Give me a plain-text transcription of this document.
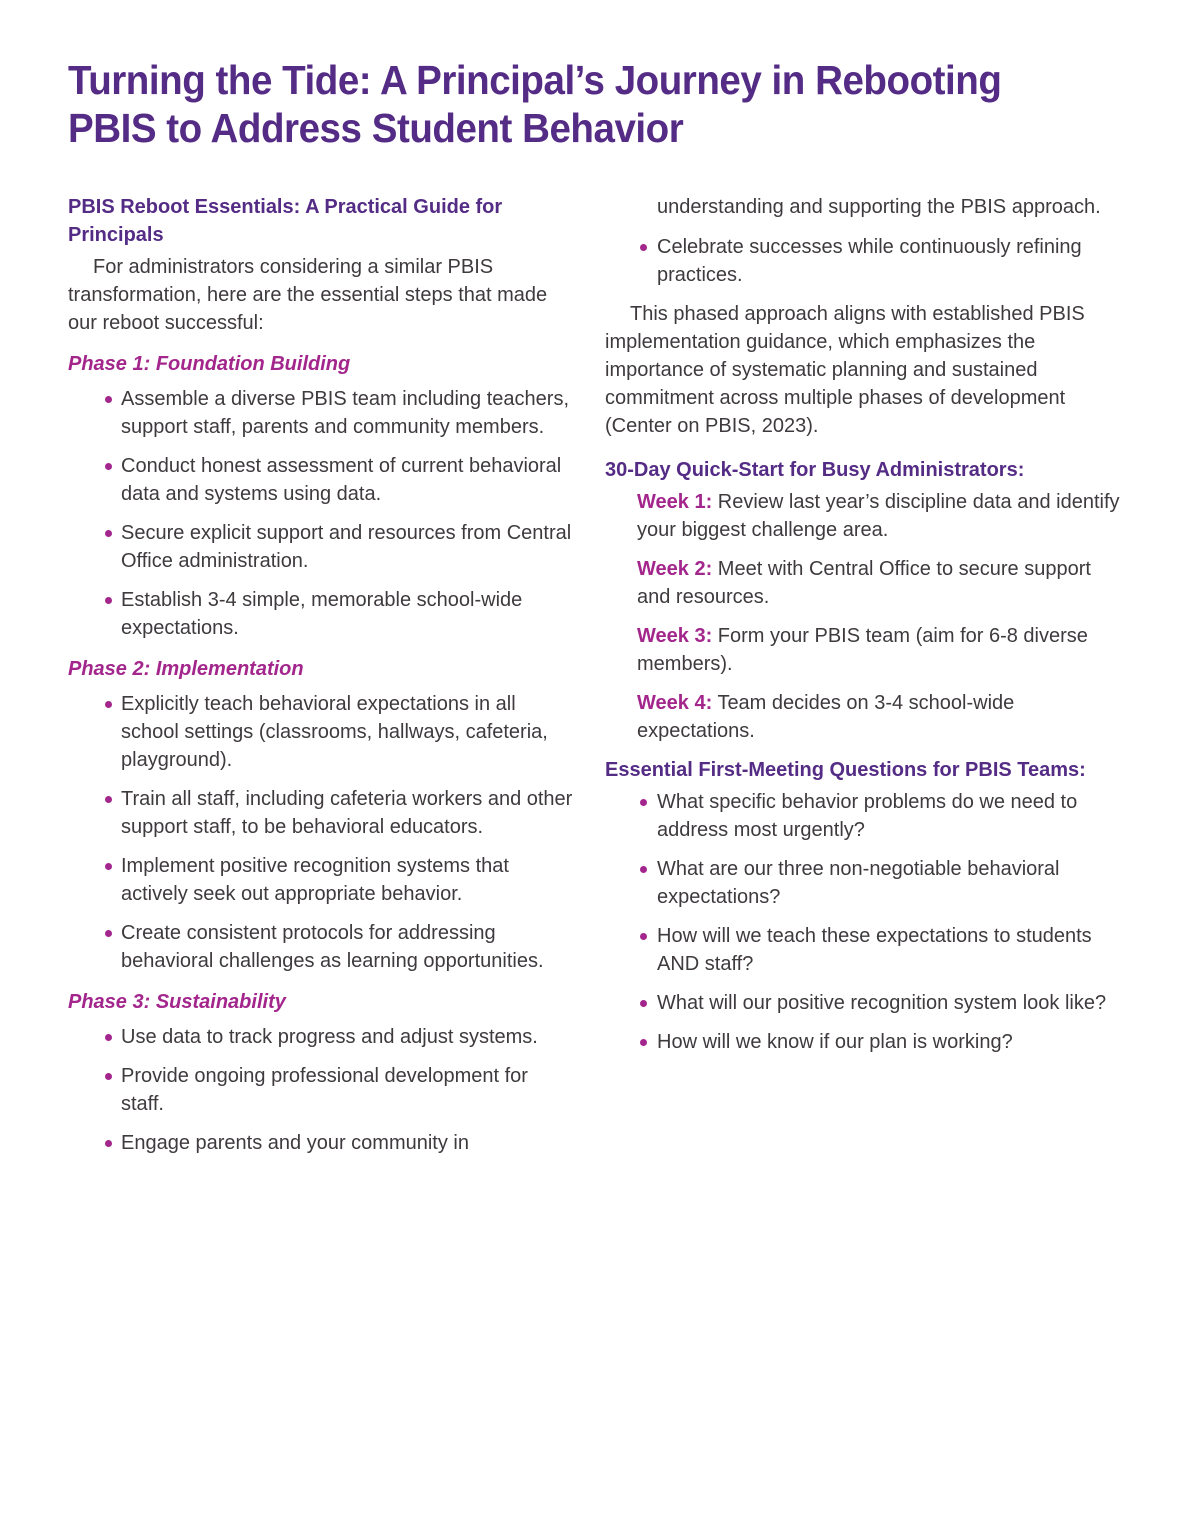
Turning the Tide: A Principal’s Journey in Rebooting
PBIS to Address Student Behavior
PBIS Reboot Essentials: A Practical Guide for Principals

For administrators considering a similar PBIS transformation, here are the essential steps that made our reboot successful:

Phase 1: Foundation Building
Assemble a diverse PBIS team including teachers, support staff, parents and community members.
Conduct honest assessment of current behavioral data and systems using data.
Secure explicit support and resources from Central Office administration.
Establish 3-4 simple, memorable school-wide expectations.
Phase 2: Implementation
Explicitly teach behavioral expectations in all school settings (classrooms, hallways, cafeteria, playground).
Train all staff, including cafeteria workers and other support staff, to be behavioral educators.
Implement positive recognition systems that actively seek out appropriate behavior.
Create consistent protocols for addressing behavioral challenges as learning opportunities.
Phase 3: Sustainability
Use data to track progress and adjust systems.
Provide ongoing professional development for staff.
Engage parents and your community in

understanding and supporting the PBIS approach.

Celebrate successes while continuously refining practices.

This phased approach aligns with established PBIS implementation guidance, which emphasizes the importance of systematic planning and sustained commitment across multiple phases of development (Center on PBIS, 2023).

30-Day Quick-Start for Busy Administrators:
Week 1: Review last year’s discipline data and identify your biggest challenge area.
Week 2: Meet with Central Office to secure support and resources.
Week 3: Form your PBIS team (aim for 6-8 diverse members).
Week 4: Team decides on 3-4 school-wide expectations.
Essential First-Meeting Questions for PBIS Teams:
What specific behavior problems do we need to address most urgently?
What are our three non-negotiable behavioral expectations?
How will we teach these expectations to students AND staff?
What will our positive recognition system look like?
How will we know if our plan is working?
